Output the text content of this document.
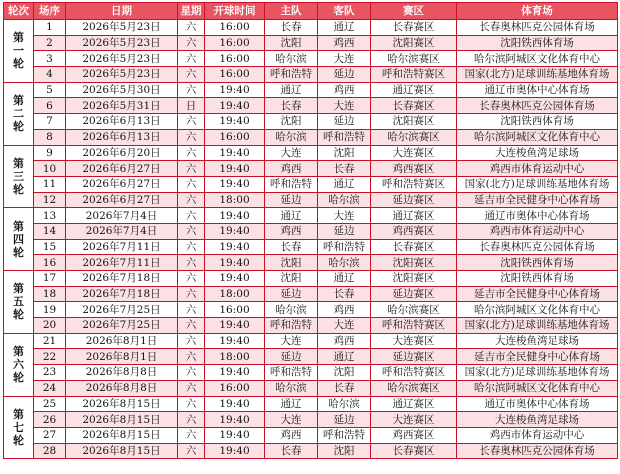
轮次	场序	日期	星期	开球时间	主队	客队	赛区	体育场

第一轮	1	2026年5月23日	六	16:00	长春	通辽	长春赛区	长春奥林匹克公园体育场
	2	2026年5月23日	六	16:00	沈阳	鸡西	沈阳赛区	沈阳铁西体育场
	3	2026年5月23日	六	16:00	哈尔滨	大连	哈尔滨赛区	哈尔滨阿城区文化体育中心
	4	2026年5月23日	六	16:00	呼和浩特	延边	呼和浩特赛区	国家(北方)足球训练基地体育场

第二轮	5	2026年5月30日	六	19:40	通辽	鸡西	通辽赛区	通辽市奥体中心体育场
	6	2026年5月31日	日	19:40	长春	大连	长春赛区	长春奥林匹克公园体育场
	7	2026年6月13日	六	19:40	沈阳	延边	沈阳赛区	沈阳铁西体育场
	8	2026年6月13日	六	16:00	哈尔滨	呼和浩特	哈尔滨赛区	哈尔滨阿城区文化体育中心

第三轮	9	2026年6月20日	六	19:40	大连	沈阳	大连赛区	大连梭鱼湾足球场
	10	2026年6月27日	六	19:40	鸡西	长春	鸡西赛区	鸡西市体育运动中心
	11	2026年6月27日	六	19:40	呼和浩特	通辽	呼和浩特赛区	国家(北方)足球训练基地体育场
	12	2026年6月27日	六	18:00	延边	哈尔滨	延边赛区	延吉市全民健身中心体育场

第四轮	13	2026年7月4日	六	19:40	通辽	大连	通辽赛区	通辽市奥体中心体育场
	14	2026年7月4日	六	19:40	鸡西	延边	鸡西赛区	鸡西市体育运动中心
	15	2026年7月11日	六	19:40	长春	呼和浩特	长春赛区	长春奥林匹克公园体育场
	16	2026年7月11日	六	19:40	沈阳	哈尔滨	沈阳赛区	沈阳铁西体育场

第五轮	17	2026年7月18日	六	19:40	沈阳	通辽	沈阳赛区	沈阳铁西体育场
	18	2026年7月18日	六	18:00	延边	长春	延边赛区	延吉市全民健身中心体育场
	19	2026年7月25日	六	16:00	哈尔滨	鸡西	哈尔滨赛区	哈尔滨阿城区文化体育中心
	20	2026年7月25日	六	19:40	呼和浩特	大连	呼和浩特赛区	国家(北方)足球训练基地体育场

第六轮	21	2026年8月1日	六	19:40	大连	鸡西	大连赛区	大连梭鱼湾足球场
	22	2026年8月1日	六	18:00	延边	通辽	延边赛区	延吉市全民健身中心体育场
	23	2026年8月8日	六	19:40	呼和浩特	沈阳	呼和浩特赛区	国家(北方)足球训练基地体育场
	24	2026年8月8日	六	16:00	哈尔滨	长春	哈尔滨赛区	哈尔滨阿城区文化体育中心

第七轮	25	2026年8月15日	六	19:40	通辽	哈尔滨	通辽赛区	通辽市奥体中心体育场
	26	2026年8月15日	六	19:40	大连	延边	大连赛区	大连梭鱼湾足球场
	27	2026年8月15日	六	19:40	鸡西	呼和浩特	鸡西赛区	鸡西市体育运动中心
	28	2026年8月15日	六	19:40	长春	沈阳	长春赛区	长春奥林匹克公园体育场
